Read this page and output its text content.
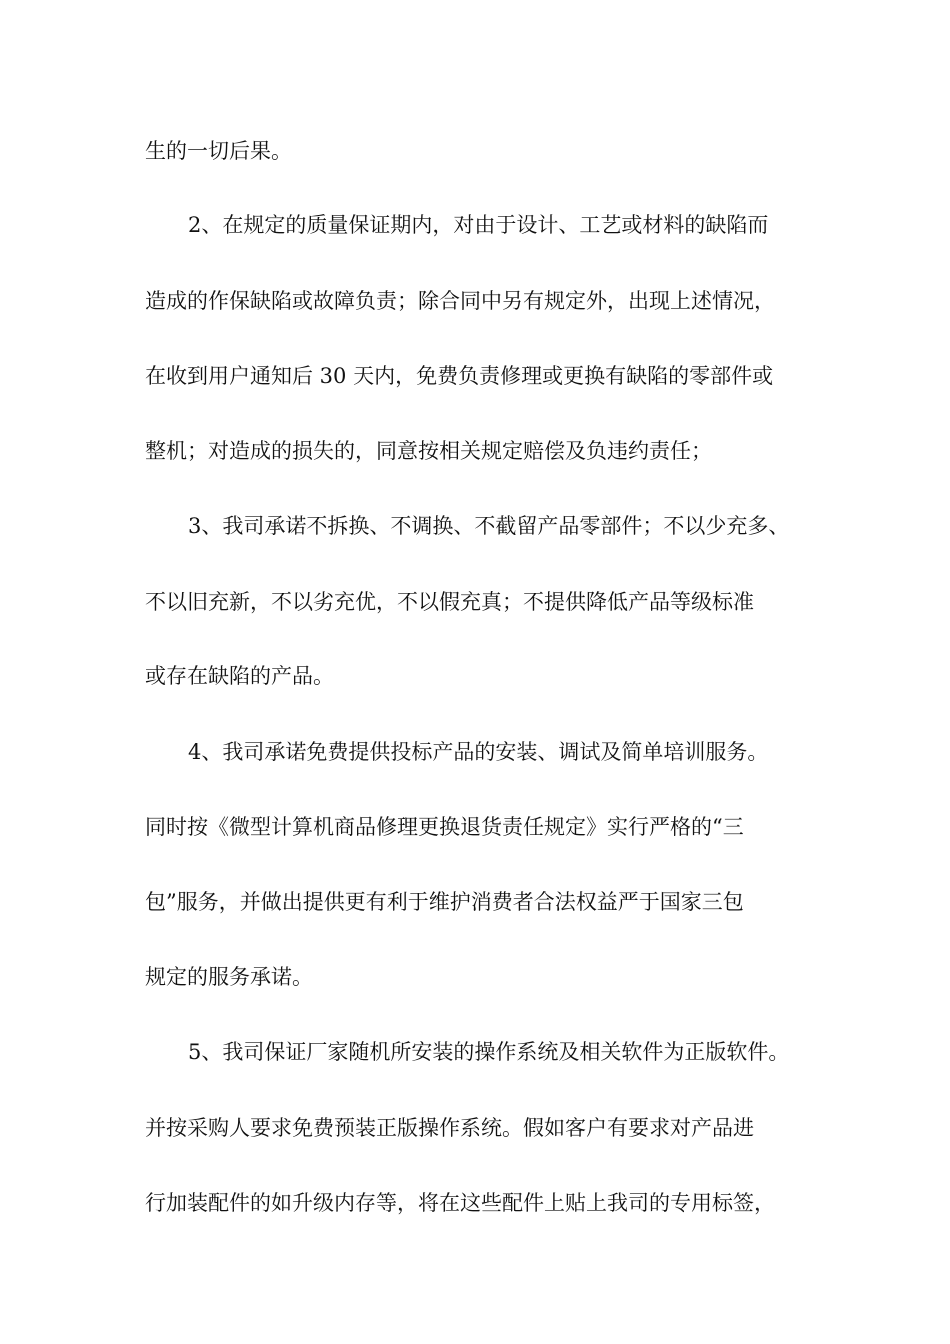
生的一切后果。
2、在规定的质量保证期内，对由于设计、工艺或材料的缺陷而
造成的作保缺陷或故障负责；除合同中另有规定外，出现上述情况，
在收到用户通知后 30 天内，免费负责修理或更换有缺陷的零部件或
整机；对造成的损失的，同意按相关规定赔偿及负违约责任；
3、我司承诺不拆换、不调换、不截留产品零部件；不以少充多、
不以旧充新，不以劣充优，不以假充真；不提供降低产品等级标准
或存在缺陷的产品。
4、我司承诺免费提供投标产品的安装、调试及简单培训服务。
同时按《微型计算机商品修理更换退货责任规定》实行严格的“三
包”服务，并做出提供更有利于维护消费者合法权益严于国家三包
规定的服务承诺。
5、我司保证厂家随机所安装的操作系统及相关软件为正版软件。
并按采购人要求免费预装正版操作系统。假如客户有要求对产品进
行加装配件的如升级内存等，将在这些配件上贴上我司的专用标签，
